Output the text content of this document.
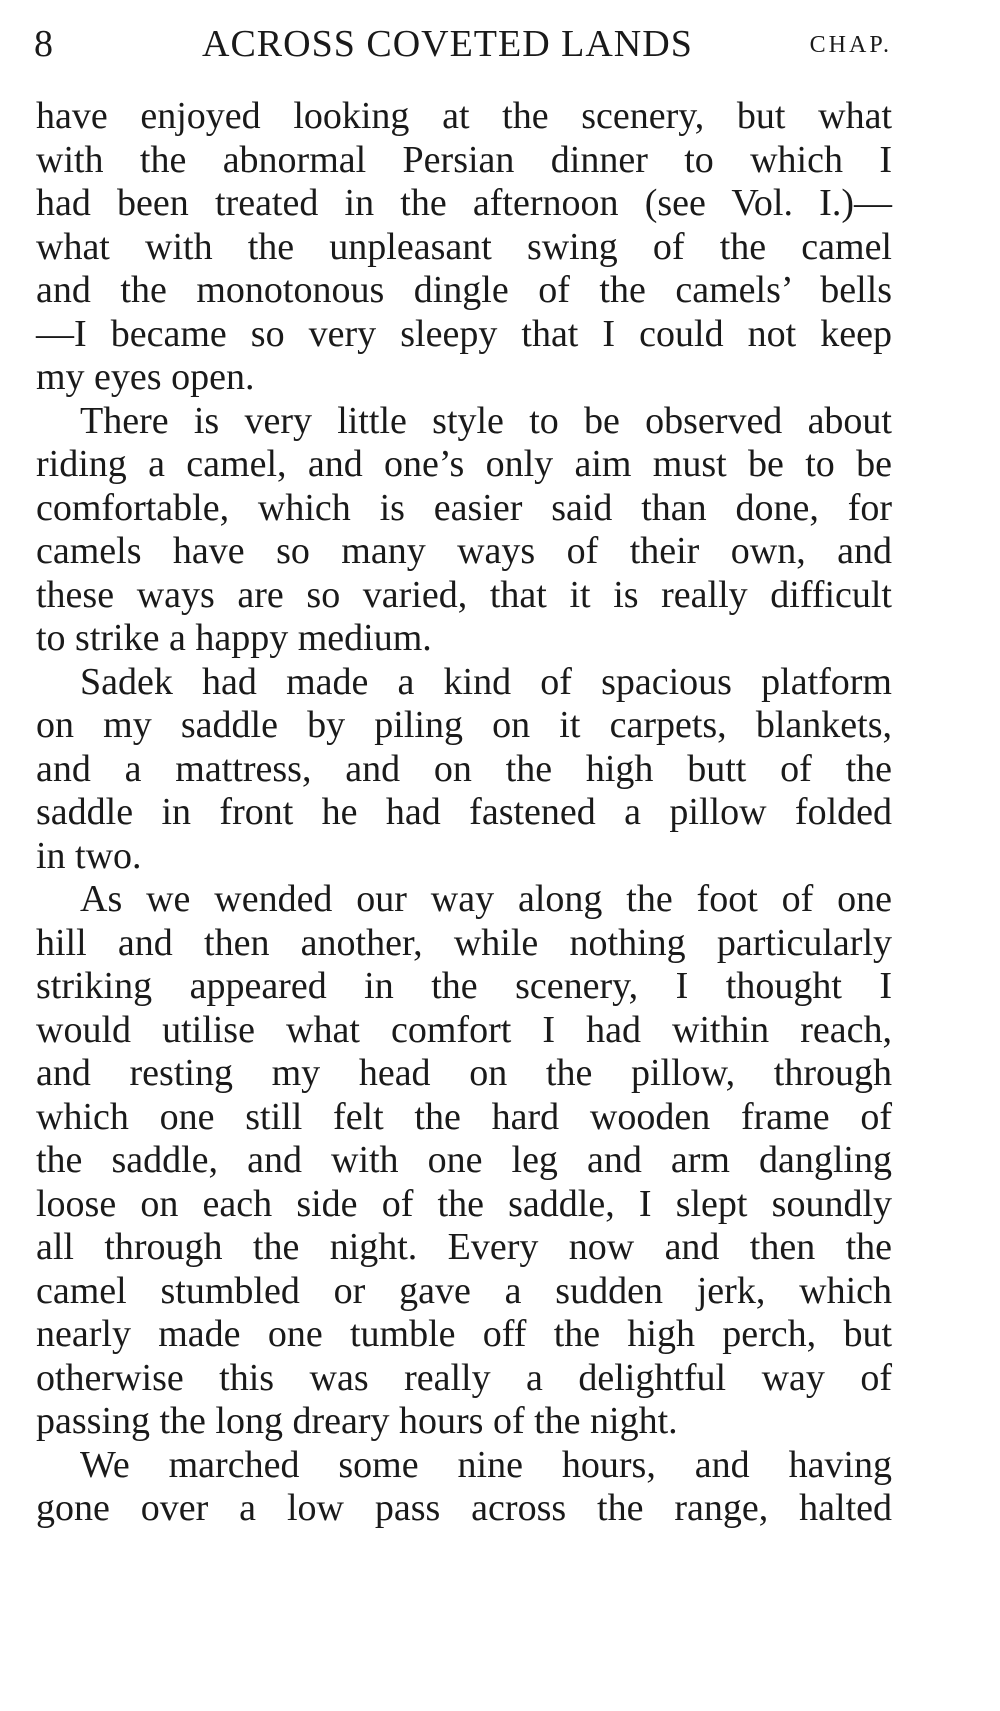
8	ACROSS COVETED LANDS	CHAP.
have enjoyed looking at the scenery, but what
with the abnormal Persian dinner to which I
had been treated in the afternoon (see Vol. I.)—
what with the unpleasant swing of the camel
and the monotonous dingle of the camels’ bells
—I became so very sleepy that I could not keep
my eyes open.
There is very little style to be observed about
riding a camel, and one’s only aim must be to be
comfortable, which is easier said than done, for
camels have so many ways of their own, and
these ways are so varied, that it is really difficult
to strike a happy medium.
Sadek had made a kind of spacious platform
on my saddle by piling on it carpets, blankets,
and a mattress, and on the high butt of the
saddle in front he had fastened a pillow folded
in two.
As we wended our way along the foot of one
hill and then another, while nothing particularly
striking appeared in the scenery, I thought I
would utilise what comfort I had within reach,
and resting my head on the pillow, through
which one still felt the hard wooden frame of
the saddle, and with one leg and arm dangling
loose on each side of the saddle, I slept soundly
all through the night. Every now and then the
camel stumbled or gave a sudden jerk, which
nearly made one tumble off the high perch, but
otherwise this was really a delightful way of
passing the long dreary hours of the night.
We marched some nine hours, and having
gone over a low pass across the range, halted
